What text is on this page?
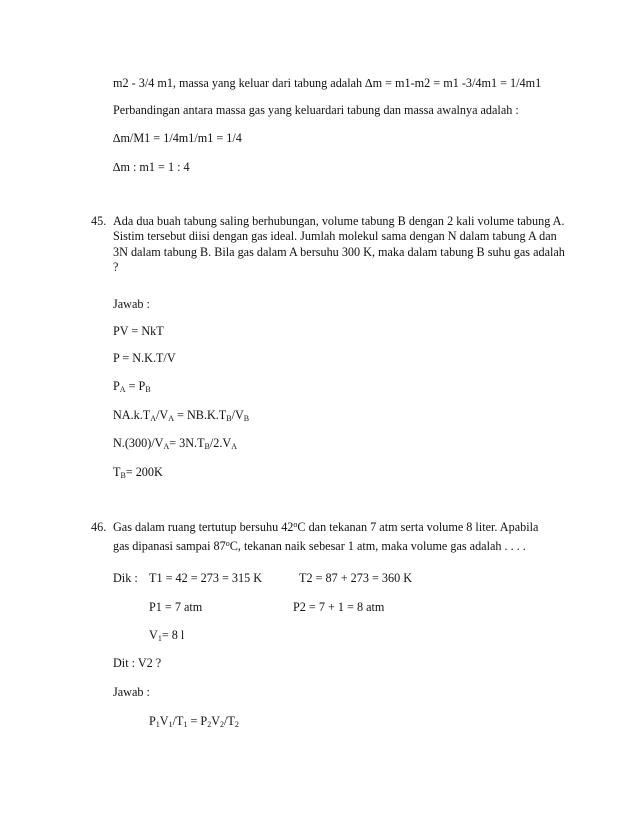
m2 - 3/4 m1, massa yang keluar dari tabung adalah ∆m = m1-m2 = m1 -3/4m1 = 1/4m1
Perbandingan antara massa gas yang keluardari tabung dan massa awalnya adalah :
∆m/M1 = 1/4m1/m1 = 1/4
∆m : m1 = 1 : 4
45. Ada dua buah tabung saling berhubungan, volume tabung B dengan 2 kali volume tabung A. Sistim tersebut diisi dengan gas ideal. Jumlah molekul sama dengan N dalam tabung A dan 3N dalam tabung B. Bila gas dalam A bersuhu 300 K, maka dalam tabung B suhu gas adalah ?
Jawab :
PV = NkT
P = N.K.T/V
$P_A = P_B$
$NA.k.T_A/V_A = NB.K.T_B/V_B$
$N.(300)/V_A= 3N.T_B/2.V_A$
$T_B= 200K$
46. Gas dalam ruang tertutup bersuhu 42$^o$C dan tekanan 7 atm serta volume 8 liter. Apabila
gas dipanasi sampai 87$^o$C, tekanan naik sebesar 1 atm, maka volume gas adalah . . . .
Dik : T1 = 42 = 273 = 315 K	T2 = 87 + 273 = 360 K
P1 = 7 atm	P2 = 7 + 1 = 8 atm
$V_1= 8$ l
Dit : V2 ?
Jawab :
$P_1V_1/T_1 = P_2V_2/T_2$
